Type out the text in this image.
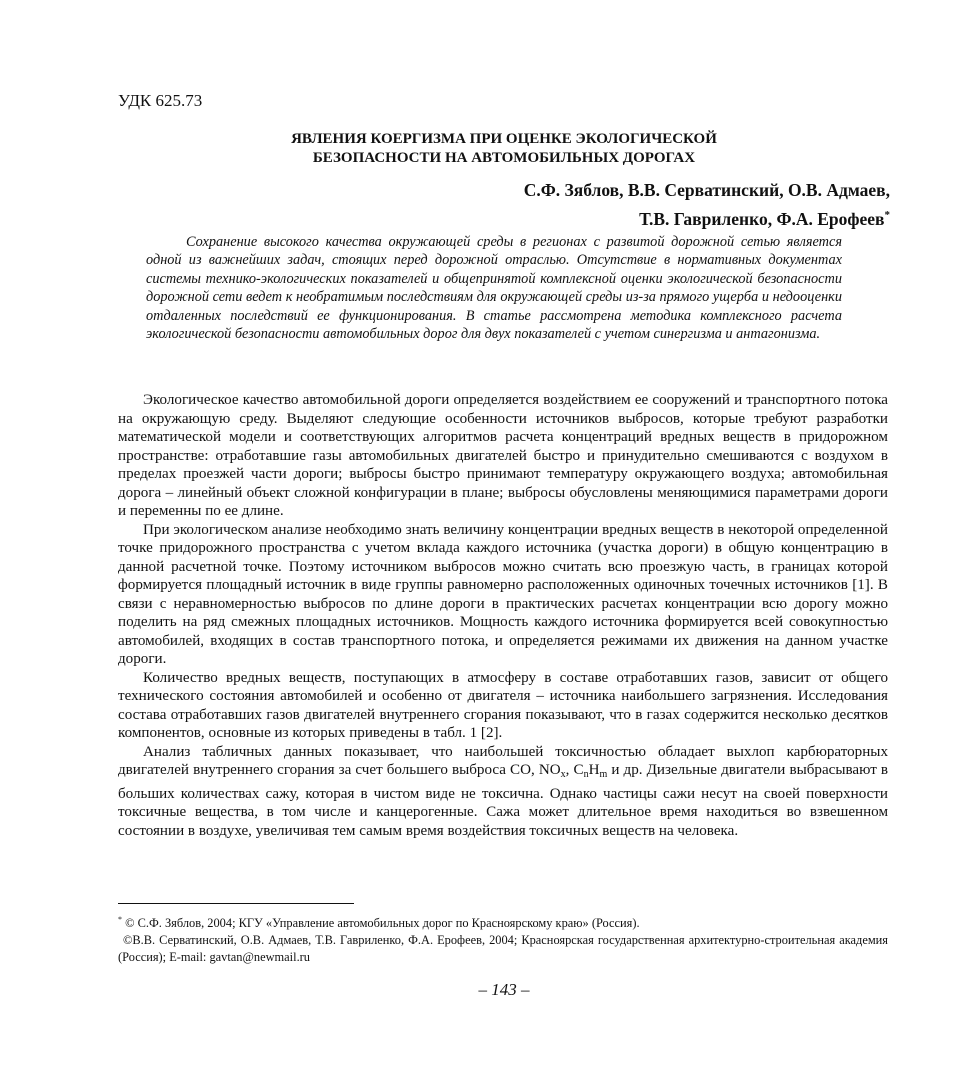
УДК 625.73
ЯВЛЕНИЯ КОЕРГИЗМА ПРИ ОЦЕНКЕ ЭКОЛОГИЧЕСКОЙ
БЕЗОПАСНОСТИ НА АВТОМОБИЛЬНЫХ ДОРОГАХ
С.Ф. Зяблов, В.В. Серватинский, О.В. Адмаев,
Т.В. Гавриленко, Ф.А. Ерофеев*
Сохранение высокого качества окружающей среды в регионах с развитой дорожной сетью является одной из важнейших задач, стоящих перед дорожной отраслью. Отсутствие в нормативных документах системы технико-экологических показателей и общепринятой комплексной оценки экологической безопасности дорожной сети ведет к необратимым последствиям для окружающей среды из-за прямого ущерба и недооценки отдаленных последствий ее функционирования. В статье рассмотрена методика комплексного расчета экологической безопасности автомобильных дорог для двух показателей с учетом синергизма и антагонизма.

Экологическое качество автомобильной дороги определяется воздействием ее сооружений и транспортного потока на окружающую среду. Выделяют следующие особенности источников выбросов, которые требуют разработки математической модели и соответствующих алгоритмов расчета концентраций вредных веществ в придорожном пространстве: отработавшие газы автомобильных двигателей быстро и принудительно смешиваются с воздухом в пределах проезжей части дороги; выбросы быстро принимают температуру окружающего воздуха; автомобильная дорога – линейный объект сложной конфигурации в плане; выбросы обусловлены меняющимися параметрами дороги и переменны по ее длине.

При экологическом анализе необходимо знать величину концентрации вредных веществ в некоторой определенной точке придорожного пространства с учетом вклада каждого источника (участка дороги) в общую концентрацию в данной расчетной точке. Поэтому источником выбросов можно считать всю проезжую часть, в границах которой формируется площадный источник в виде группы равномерно расположенных одиночных точечных источников [1]. В связи с неравномерностью выбросов по длине дороги в практических расчетах концентрации всю дорогу можно поделить на ряд смежных площадных источников. Мощность каждого источника формируется всей совокупностью автомобилей, входящих в состав транспортного потока, и определяется режимами их движения на данном участке дороги.

Количество вредных веществ, поступающих в атмосферу в составе отработавших газов, зависит от общего технического состояния автомобилей и особенно от двигателя – источника наибольшего загрязнения. Исследования состава отработавших газов двигателей внутреннего сгорания показывают, что в газах содержится несколько десятков компонентов, основные из которых приведены в табл. 1 [2].

Анализ табличных данных показывает, что наибольшей токсичностью обладает выхлоп карбюраторных двигателей внутреннего сгорания за счет большего выброса CO, $NO_x$, $C_nH_m$ и др. Дизельные двигатели выбрасывают в больших количествах сажу, которая в чистом виде не токсична. Однако частицы сажи несут на своей поверхности токсичные вещества, в том числе и канцерогенные. Сажа может длительное время находиться во взвешенном состоянии в воздухе, увеличивая тем самым время воздействия токсичных веществ на человека.

* © С.Ф. Зяблов, 2004; КГУ «Управление автомобильных дорог по Красноярскому краю» (Россия).

©В.В. Серватинский, О.В. Адмаев, Т.В. Гавриленко, Ф.А. Ерофеев, 2004; Красноярская государственная архитектурно-строительная академия (Россия); E-mail: gavtan@newmail.ru

– 143 –
